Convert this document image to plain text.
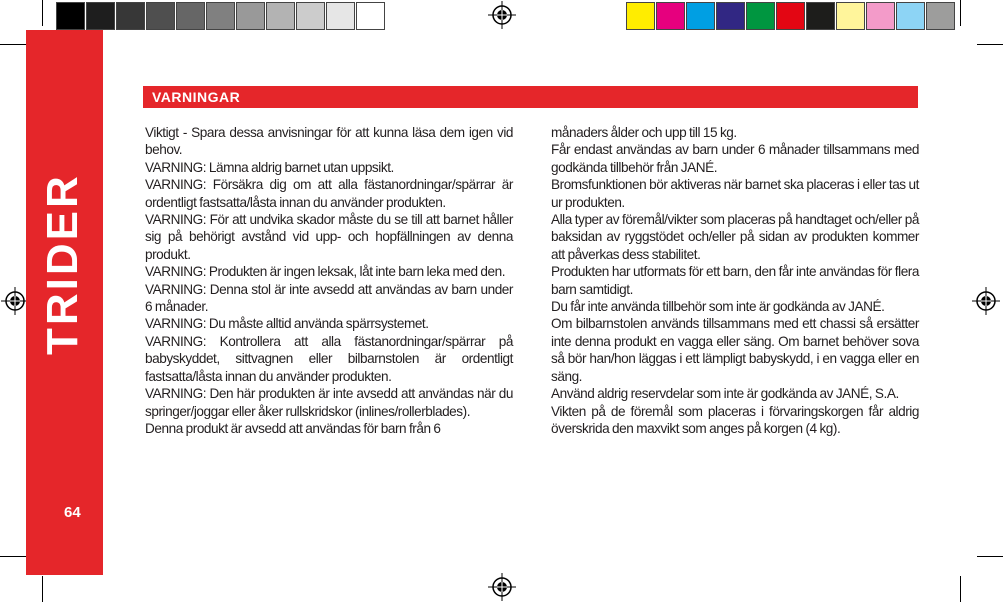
TRIDER
64
VARNINGAR

Viktigt - Spara dessa anvisningar för att kunna läsa dem igen vid behov.

VARNING: Lämna aldrig barnet utan uppsikt.

VARNING: Försäkra dig om att alla fästanordningar/spärrar är ordentligt fastsatta/låsta innan du använder produkten.

VARNING: För att undvika skador måste du se till att barnet håller sig på behörigt avstånd vid upp- och hopfällningen av denna produkt.

VARNING: Produkten är ingen leksak, låt inte barn leka med den.

VARNING: Denna stol är inte avsedd att användas av barn under 6 månader.

VARNING: Du måste alltid använda spärrsystemet.

VARNING: Kontrollera att alla fästanordningar/spärrar på babyskyddet, sittvagnen eller bilbarnstolen är ordentligt fastsatta/låsta innan du använder produkten.

VARNING: Den här produkten är inte avsedd att användas när du springer/joggar eller åker rullskridskor (inlines/rollerblades).

Denna produkt är avsedd att användas för barn från 6

månaders ålder och upp till 15 kg.

Får endast användas av barn under 6 månader tillsammans med godkända tillbehör från JANÉ.

Bromsfunktionen bör aktiveras när barnet ska placeras i eller tas ut ur produkten.

Alla typer av föremål/vikter som placeras på handtaget och/eller på baksidan av ryggstödet och/eller på sidan av produkten kommer att påverkas dess stabilitet.

Produkten har utformats för ett barn, den får inte användas för flera barn samtidigt.

Du får inte använda tillbehör som inte är godkända av JANÉ.

Om bilbarnstolen används tillsammans med ett chassi så ersätter inte denna produkt en vagga eller säng. Om barnet behöver sova så bör han/hon läggas i ett lämpligt babyskydd, i en vagga eller en säng.

Använd aldrig reservdelar som inte är godkända av JANÉ, S.A.

Vikten på de föremål som placeras i förvaringskorgen får aldrig överskrida den maxvikt som anges på korgen (4 kg).
